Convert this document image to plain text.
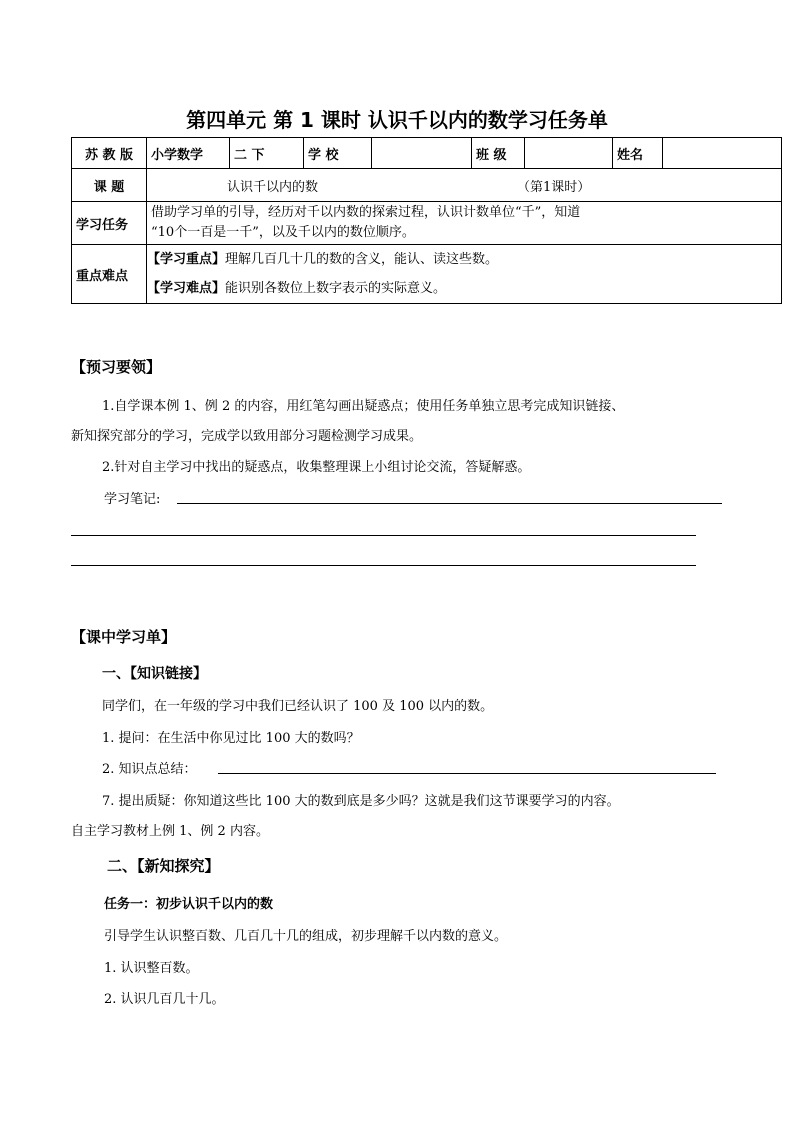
第四单元 第 1 课时 认识千以内的数学习任务单
苏 教 版	小学数学	二 下	学 校		班 级		姓名	
课 题	认识千以内的数 （第1课时）							
学习任务	借助学习单的引导，经历对千以内数的探索过程，认识计数单位“千”，知道
“10个一百是一千”，以及千以内的数位顺序。							

重点难点	【学习重点】理解几百几十几的数的含义，能认、读这些数。
【学习难点】能识别各数位上数字表示的实际意义。							
【预习要领】
1.自学课本例 1、例 2 的内容，用红笔勾画出疑惑点；使用任务单独立思考完成知识链接、
新知探究部分的学习，完成学以致用部分习题检测学习成果。
2.针对自主学习中找出的疑惑点，收集整理课上小组讨论交流，答疑解惑。
学习笔记:
【课中学习单】
一、【知识链接】
同学们，在一年级的学习中我们已经认识了 100 及 100 以内的数。
1. 提问：在生活中你见过比 100 大的数吗？
2. 知识点总结：
7. 提出质疑：你知道这些比 100 大的数到底是多少吗？这就是我们这节课要学习的内容。
自主学习教材上例 1、例 2 内容。
二、【新知探究】
任务一：初步认识千以内的数
引导学生认识整百数、几百几十几的组成，初步理解千以内数的意义。
1. 认识整百数。
2. 认识几百几十几。
